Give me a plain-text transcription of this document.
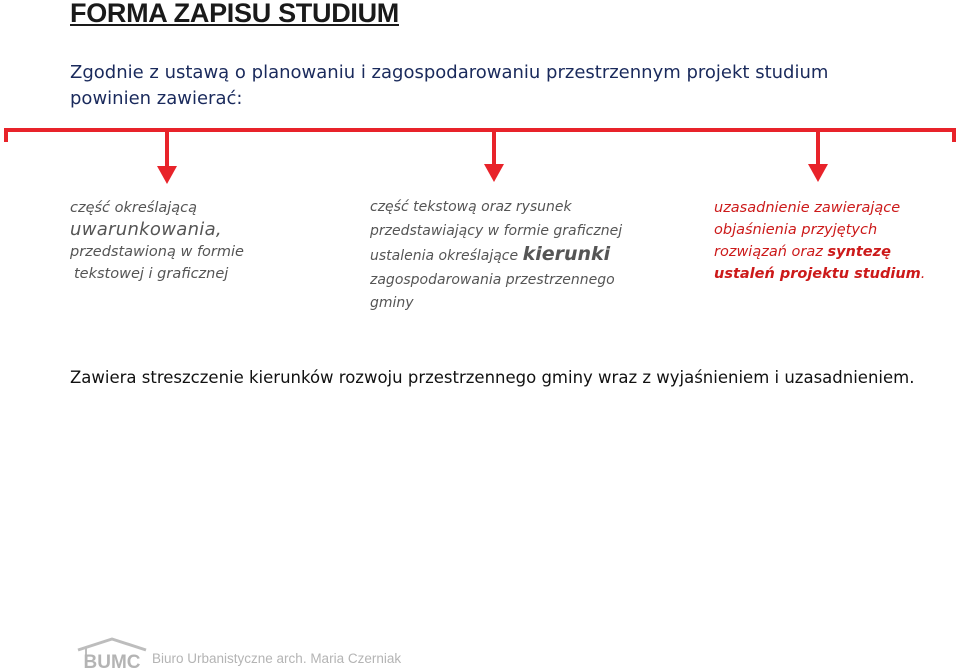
FORMA ZAPISU STUDIUM
Zgodnie z ustawą o planowaniu i zagospodarowaniu przestrzennym projekt studium powinien zawierać:
część określającą
uwarunkowania,
przedstawioną w formie
tekstowej i graficznej
część tekstową oraz rysunek
przedstawiający w formie graficznej
ustalenia określające kierunki
zagospodarowania przestrzennego
gminy
uzasadnienie zawierające
objaśnienia przyjętych
rozwiązań oraz syntezę
ustaleń projektu studium.
Zawiera streszczenie kierunków rozwoju przestrzennego gminy wraz z wyjaśnieniem i uzasadnieniem.
BUMC Biuro Urbanistyczne arch. Maria Czerniak
